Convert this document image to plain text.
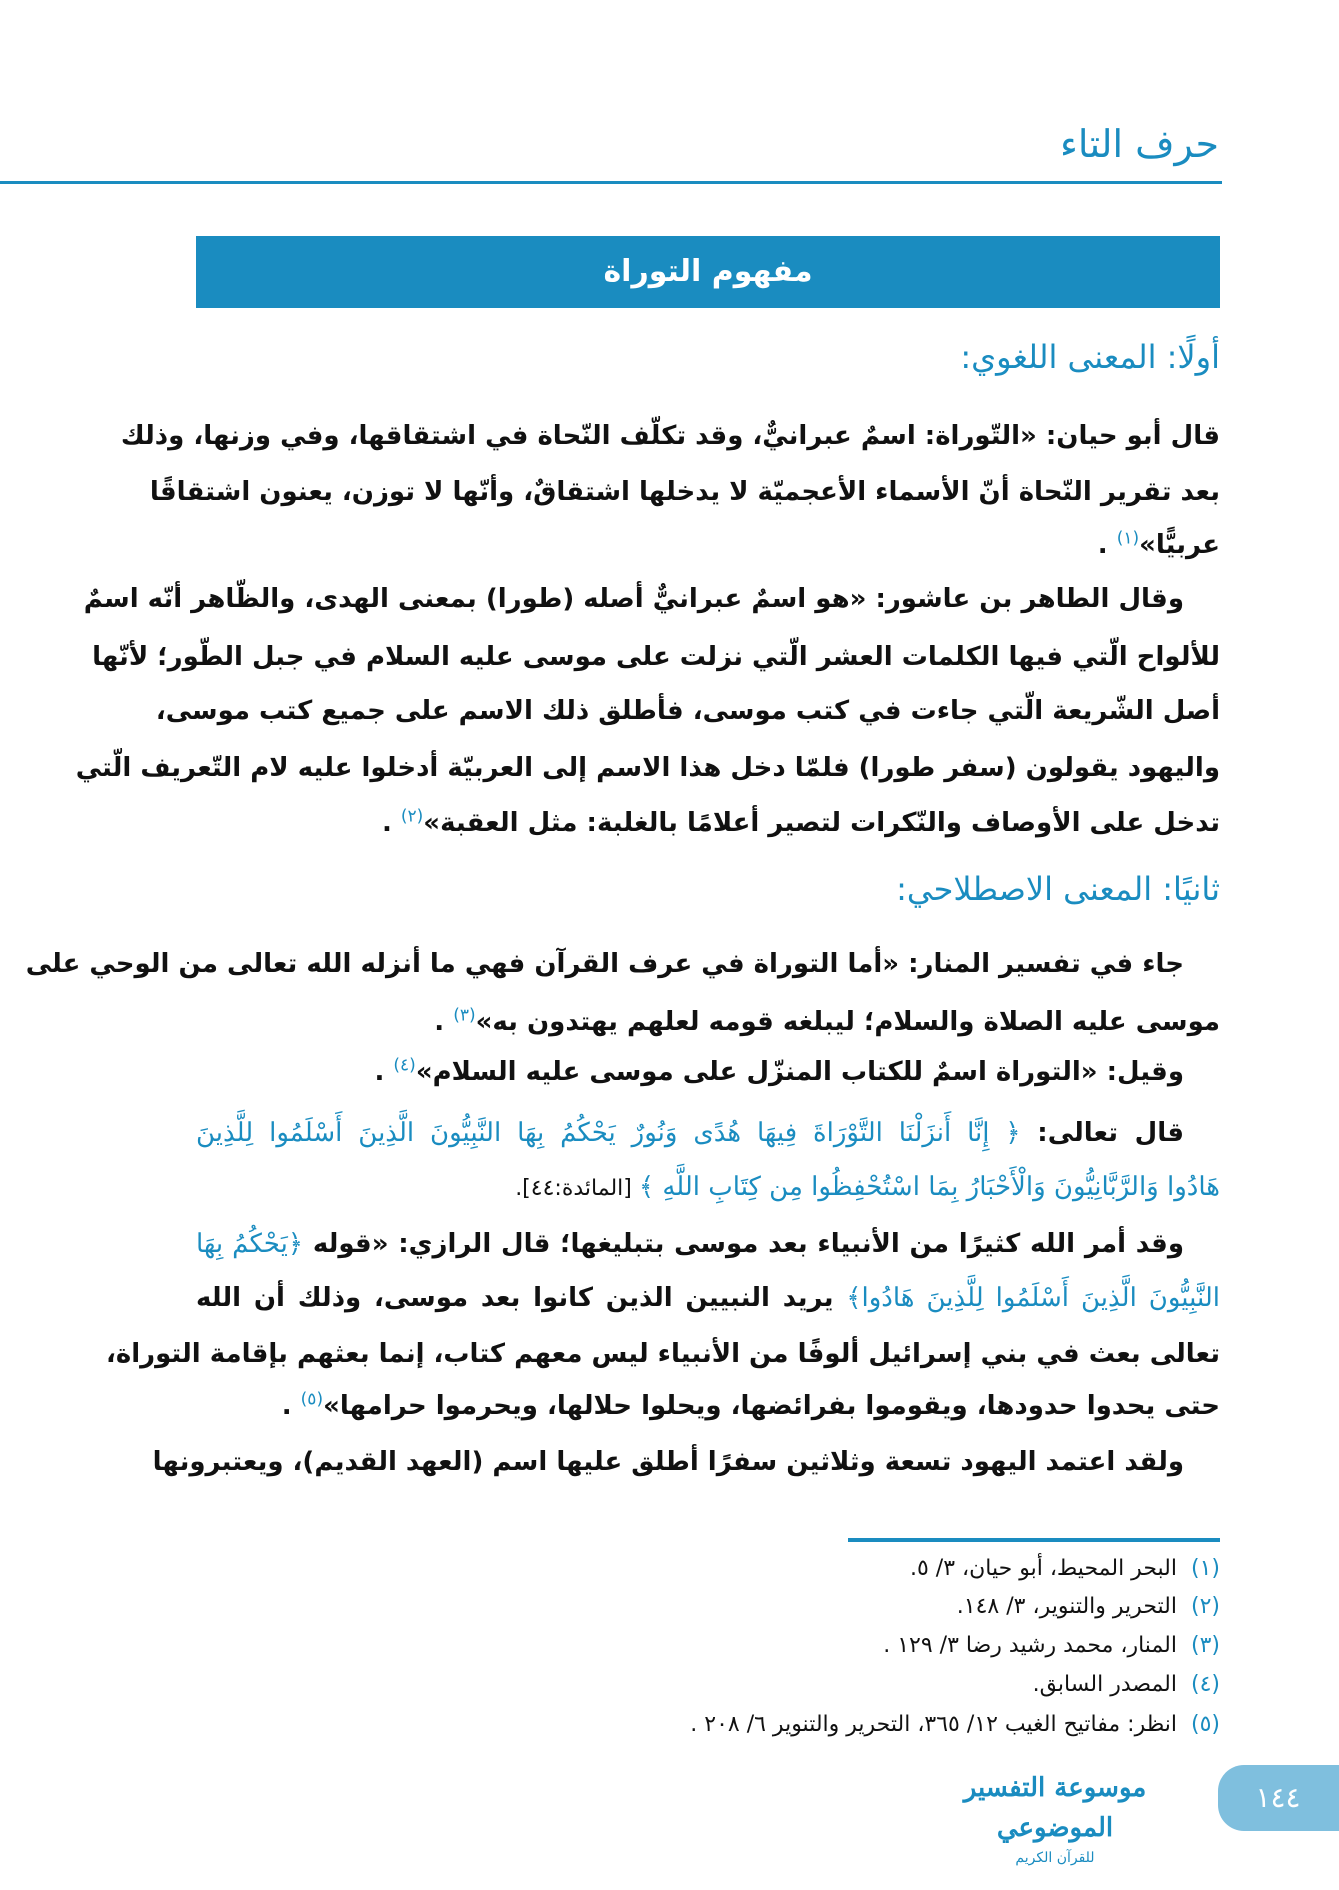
حرف التاء
مفهوم التوراة
أولًا: المعنى اللغوي:
ثانيًا: المعنى الاصطلاحي:
قال أبو حيان: «التّوراة: اسمٌ عبرانيٌّ، وقد تكلّف النّحاة في اشتقاقها، وفي وزنها، وذلك
بعد تقرير النّحاة أنّ الأسماء الأعجميّة لا يدخلها اشتقاقٌ، وأنّها لا توزن، يعنون اشتقاقًا
عربيًّا»$^{(١)}$ .
وقال الطاهر بن عاشور: «هو اسمٌ عبرانيٌّ أصله (طورا) بمعنى الهدى، والظّاهر أنّه اسمٌ
للألواح الّتي فيها الكلمات العشر الّتي نزلت على موسى عليه السلام في جبل الطّور؛ لأنّها
أصل الشّريعة الّتي جاءت في كتب موسى، فأطلق ذلك الاسم على جميع كتب موسى،
واليهود يقولون (سفر طورا) فلمّا دخل هذا الاسم إلى العربيّة أدخلوا عليه لام التّعريف الّتي
تدخل على الأوصاف والنّكرات لتصير أعلامًا بالغلبة: مثل العقبة»$^{(٢)}$ .
جاء في تفسير المنار: «أما التوراة في عرف القرآن فهي ما أنزله الله تعالى من الوحي على
موسى عليه الصلاة والسلام؛ ليبلغه قومه لعلهم يهتدون به»$^{(٣)}$ .
وقيل: «التوراة اسمٌ للكتاب المنزّل على موسى عليه السلام»$^{(٤)}$ .
قال تعالى: ﴿ إِنَّا أَنزَلْنَا التَّوْرَاةَ فِيهَا هُدًى وَنُورٌ يَحْكُمُ بِهَا النَّبِيُّونَ الَّذِينَ أَسْلَمُوا لِلَّذِينَ
هَادُوا وَالرَّبَّانِيُّونَ وَالْأَحْبَارُ بِمَا اسْتُحْفِظُوا مِن كِتَابِ اللَّهِ ﴾ [المائدة:٤٤].
وقد أمر الله كثيرًا من الأنبياء بعد موسى بتبليغها؛ قال الرازي: «قوله ﴿يَحْكُمُ بِهَا
النَّبِيُّونَ الَّذِينَ أَسْلَمُوا لِلَّذِينَ هَادُوا﴾ يريد النبيين الذين كانوا بعد موسى، وذلك أن الله
تعالى بعث في بني إسرائيل ألوفًا من الأنبياء ليس معهم كتاب، إنما بعثهم بإقامة التوراة،
حتى يحدوا حدودها، ويقوموا بفرائضها، ويحلوا حلالها، ويحرموا حرامها»$^{(٥)}$ .
ولقد اعتمد اليهود تسعة وثلاثين سفرًا أطلق عليها اسم (العهد القديم)، ويعتبرونها
(١)البحر المحيط، أبو حيان، ٣/ ٥.
(٢)التحرير والتنوير، ٣/ ١٤٨.
(٣)المنار، محمد رشيد رضا ٣/ ١٢٩ .
(٤)المصدر السابق.
(٥)انظر: مفاتيح الغيب ١٢/ ٣٦٥، التحرير والتنوير ٦/ ٢٠٨ .
موسوعة التفسير الموضوعي
للقرآن الكريم
١٤٤
